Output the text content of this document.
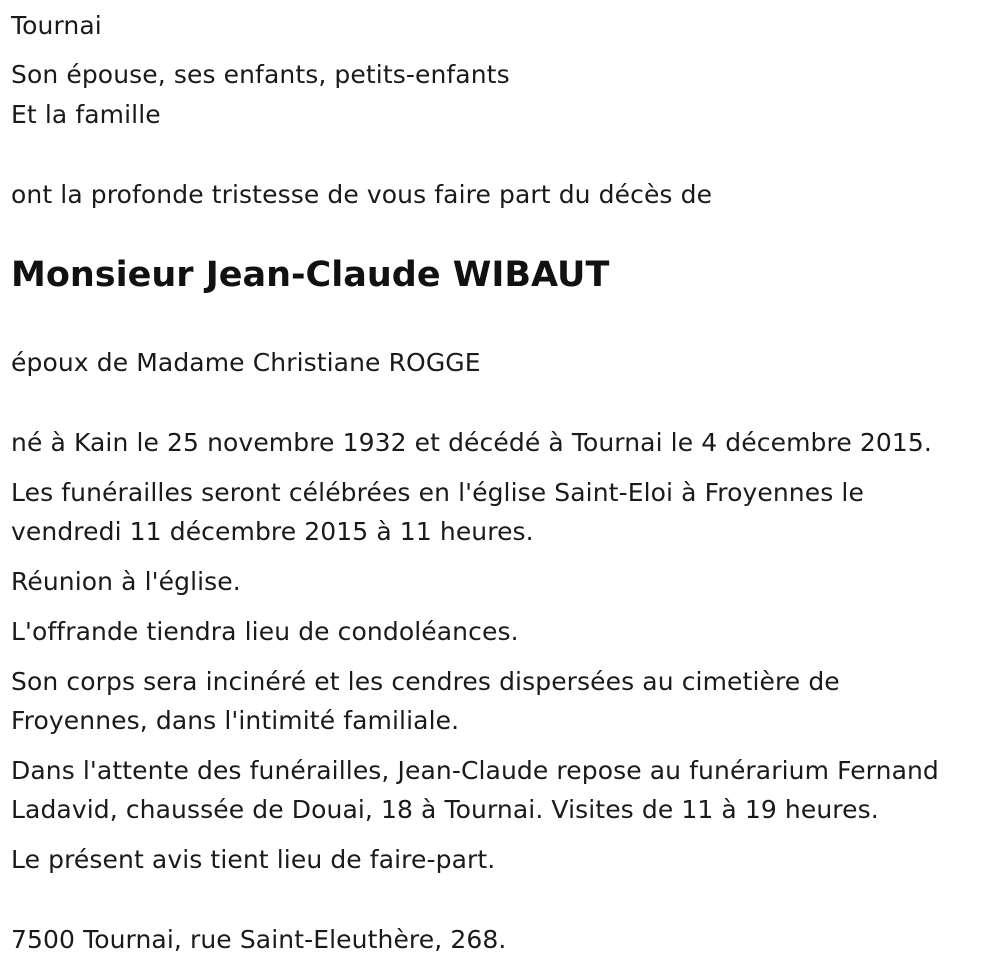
Tournai
Son épouse, ses enfants, petits-enfants
Et la famille
ont la profonde tristesse de vous faire part du décès de
Monsieur Jean-Claude WIBAUT
époux de Madame Christiane ROGGE
né à Kain le 25 novembre 1932 et décédé à Tournai le 4 décembre 2015.
Les funérailles seront célébrées en l'église Saint-Eloi à Froyennes le
vendredi 11 décembre 2015 à 11 heures.
Réunion à l'église.
L'offrande tiendra lieu de condoléances.
Son corps sera incinéré et les cendres dispersées au cimetière de
Froyennes, dans l'intimité familiale.
Dans l'attente des funérailles, Jean-Claude repose au funérarium Fernand
Ladavid, chaussée de Douai, 18 à Tournai. Visites de 11 à 19 heures.
Le présent avis tient lieu de faire-part.
7500 Tournai, rue Saint-Eleuthère, 268.
